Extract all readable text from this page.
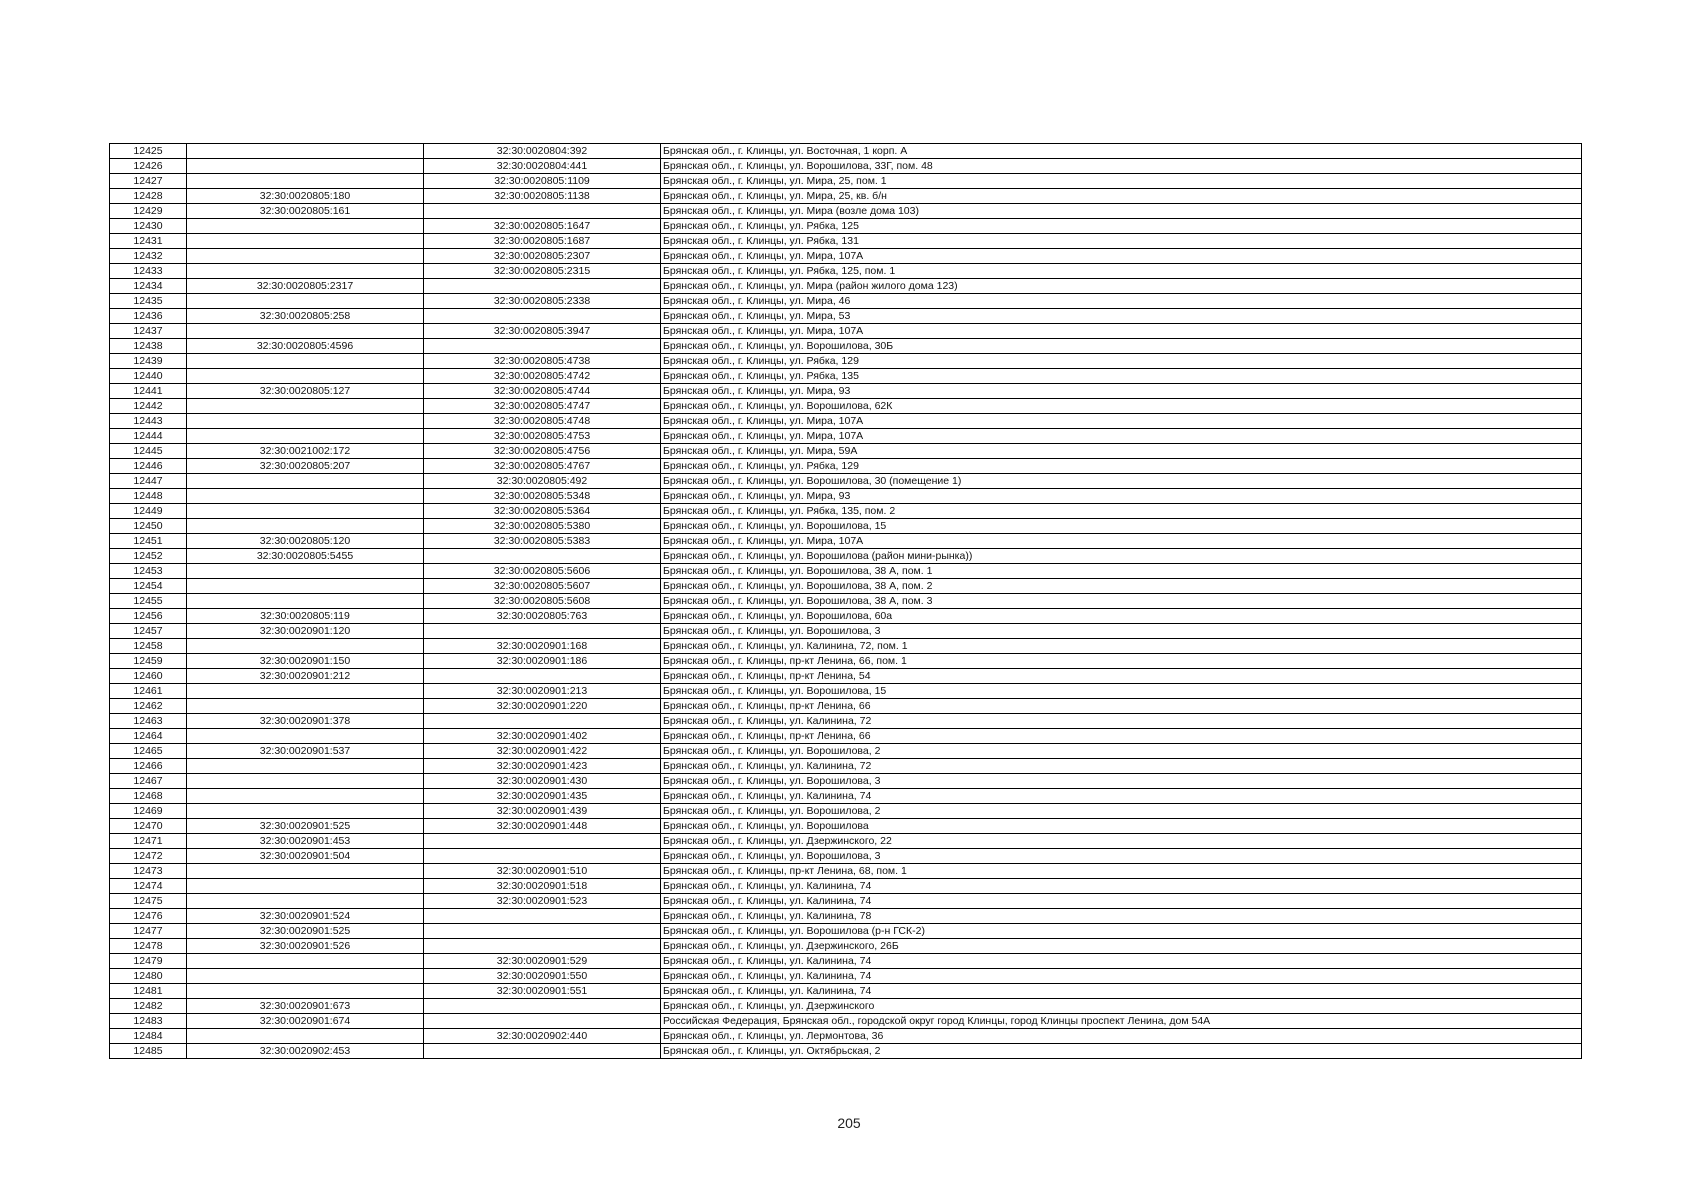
12425		32:30:0020804:392	Брянская обл., г. Клинцы, ул. Восточная, 1 корп. А
12426		32:30:0020804:441	Брянская обл., г. Клинцы, ул. Ворошилова, 33Г, пом. 48
12427		32:30:0020805:1109	Брянская обл., г. Клинцы, ул. Мира, 25, пом. 1
12428	32:30:0020805:180	32:30:0020805:1138	Брянская обл., г. Клинцы, ул. Мира, 25, кв. б/н
12429	32:30:0020805:161		Брянская обл., г. Клинцы, ул. Мира (возле дома 103)
12430		32:30:0020805:1647	Брянская обл., г. Клинцы, ул. Рябка, 125
12431		32:30:0020805:1687	Брянская обл., г. Клинцы, ул. Рябка, 131
12432		32:30:0020805:2307	Брянская обл., г. Клинцы, ул. Мира, 107А
12433		32:30:0020805:2315	Брянская обл., г. Клинцы, ул. Рябка, 125, пом. 1
12434	32:30:0020805:2317		Брянская обл., г. Клинцы, ул. Мира (район жилого дома 123)
12435		32:30:0020805:2338	Брянская обл., г. Клинцы, ул. Мира, 46
12436	32:30:0020805:258		Брянская обл., г. Клинцы, ул. Мира, 53
12437		32:30:0020805:3947	Брянская обл., г. Клинцы, ул. Мира, 107А
12438	32:30:0020805:4596		Брянская обл., г. Клинцы, ул. Ворошилова, 30Б
12439		32:30:0020805:4738	Брянская обл., г. Клинцы, ул. Рябка, 129
12440		32:30:0020805:4742	Брянская обл., г. Клинцы, ул. Рябка, 135
12441	32:30:0020805:127	32:30:0020805:4744	Брянская обл., г. Клинцы, ул. Мира, 93
12442		32:30:0020805:4747	Брянская обл., г. Клинцы, ул. Ворошилова, 62К
12443		32:30:0020805:4748	Брянская обл., г. Клинцы, ул. Мира, 107А
12444		32:30:0020805:4753	Брянская обл., г. Клинцы, ул. Мира, 107А
12445	32:30:0021002:172	32:30:0020805:4756	Брянская обл., г. Клинцы, ул. Мира, 59А
12446	32:30:0020805:207	32:30:0020805:4767	Брянская обл., г. Клинцы, ул. Рябка, 129
12447		32:30:0020805:492	Брянская обл., г. Клинцы, ул. Ворошилова, 30 (помещение 1)
12448		32:30:0020805:5348	Брянская обл., г. Клинцы, ул. Мира, 93
12449		32:30:0020805:5364	Брянская обл., г. Клинцы, ул. Рябка, 135, пом. 2
12450		32:30:0020805:5380	Брянская обл., г. Клинцы, ул. Ворошилова, 15
12451	32:30:0020805:120	32:30:0020805:5383	Брянская обл., г. Клинцы, ул. Мира, 107А
12452	32:30:0020805:5455		Брянская обл., г. Клинцы, ул. Ворошилова (район мини-рынка))
12453		32:30:0020805:5606	Брянская обл., г. Клинцы, ул. Ворошилова, 38 А, пом. 1
12454		32:30:0020805:5607	Брянская обл., г. Клинцы, ул. Ворошилова, 38 А, пом. 2
12455		32:30:0020805:5608	Брянская обл., г. Клинцы, ул. Ворошилова, 38 А, пом. 3
12456	32:30:0020805:119	32:30:0020805:763	Брянская обл., г. Клинцы, ул. Ворошилова, 60а
12457	32:30:0020901:120		Брянская обл., г. Клинцы, ул. Ворошилова, 3
12458		32:30:0020901:168	Брянская обл., г. Клинцы, ул. Калинина, 72, пом. 1
12459	32:30:0020901:150	32:30:0020901:186	Брянская обл., г. Клинцы, пр-кт Ленина, 66, пом. 1
12460	32:30:0020901:212		Брянская обл., г. Клинцы, пр-кт Ленина, 54
12461		32:30:0020901:213	Брянская обл., г. Клинцы, ул. Ворошилова, 15
12462		32:30:0020901:220	Брянская обл., г. Клинцы, пр-кт Ленина, 66
12463	32:30:0020901:378		Брянская обл., г. Клинцы, ул. Калинина, 72
12464		32:30:0020901:402	Брянская обл., г. Клинцы, пр-кт Ленина, 66
12465	32:30:0020901:537	32:30:0020901:422	Брянская обл., г. Клинцы, ул. Ворошилова, 2
12466		32:30:0020901:423	Брянская обл., г. Клинцы, ул. Калинина, 72
12467		32:30:0020901:430	Брянская обл., г. Клинцы, ул. Ворошилова, 3
12468		32:30:0020901:435	Брянская обл., г. Клинцы, ул. Калинина, 74
12469		32:30:0020901:439	Брянская обл., г. Клинцы, ул. Ворошилова, 2
12470	32:30:0020901:525	32:30:0020901:448	Брянская обл., г. Клинцы, ул. Ворошилова
12471	32:30:0020901:453		Брянская обл., г. Клинцы, ул. Дзержинского, 22
12472	32:30:0020901:504		Брянская обл., г. Клинцы, ул. Ворошилова, 3
12473		32:30:0020901:510	Брянская обл., г. Клинцы, пр-кт Ленина, 68, пом. 1
12474		32:30:0020901:518	Брянская обл., г. Клинцы, ул. Калинина, 74
12475		32:30:0020901:523	Брянская обл., г. Клинцы, ул. Калинина, 74
12476	32:30:0020901:524		Брянская обл., г. Клинцы, ул. Калинина, 78
12477	32:30:0020901:525		Брянская обл., г. Клинцы, ул. Ворошилова (р-н ГСК-2)
12478	32:30:0020901:526		Брянская обл., г. Клинцы, ул. Дзержинского, 26Б
12479		32:30:0020901:529	Брянская обл., г. Клинцы, ул. Калинина, 74
12480		32:30:0020901:550	Брянская обл., г. Клинцы, ул. Калинина, 74
12481		32:30:0020901:551	Брянская обл., г. Клинцы, ул. Калинина, 74
12482	32:30:0020901:673		Брянская обл., г. Клинцы, ул. Дзержинского
12483	32:30:0020901:674		Российская Федерация, Брянская обл., городской округ город Клинцы, город Клинцы проспект Ленина, дом 54А
12484		32:30:0020902:440	Брянская обл., г. Клинцы, ул. Лермонтова, 36
12485	32:30:0020902:453		Брянская обл., г. Клинцы, ул. Октябрьская, 2
205
